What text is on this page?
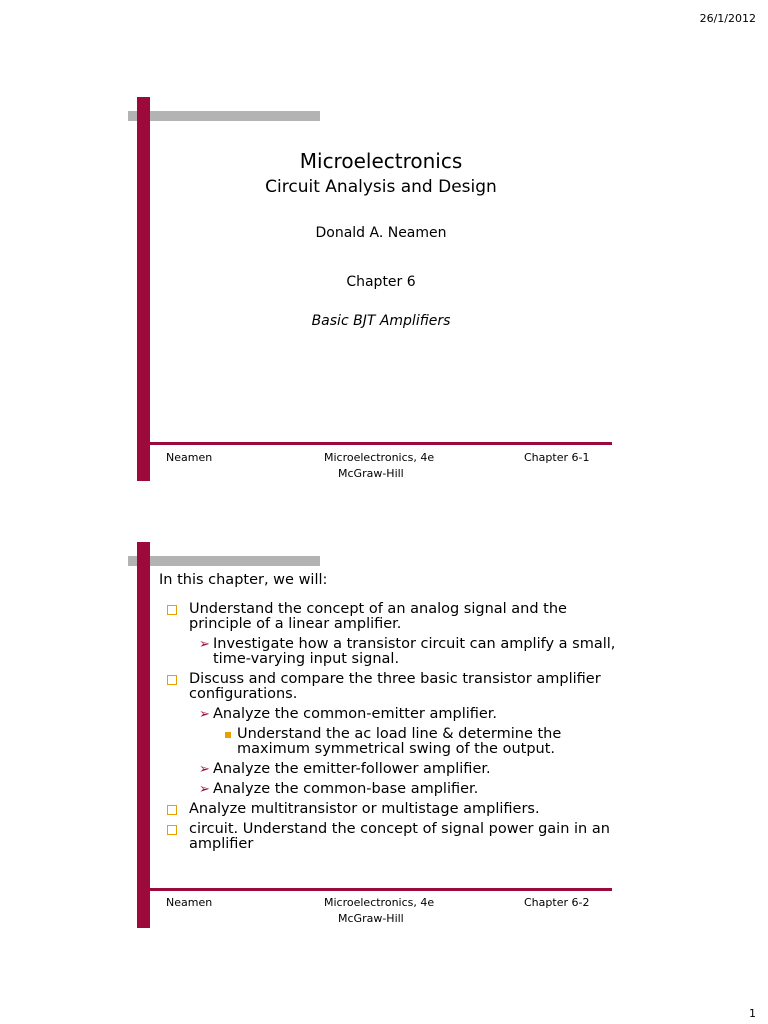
26/1/2012
Microelectronics
Circuit Analysis and Design
Donald A. Neamen
Chapter 6
Basic BJT Amplifiers
Neamen	Microelectronics, 4e
McGraw-Hill
Chapter 6-1
In this chapter, we will:
Understand the concept of an analog signal and the principle of a linear amplifier.
➢ Investigate how a transistor circuit can amplify a small, time-varying input signal.
Discuss and compare the three basic transistor amplifier configurations.
➢ Analyze the common-emitter amplifier.
Understand the ac load line & determine the maximum symmetrical swing of the output.
➢ Analyze the emitter-follower amplifier.
➢ Analyze the common-base amplifier.
Analyze multitransistor or multistage amplifiers.
circuit. Understand the concept of signal power gain in an amplifier
Neamen	Microelectronics, 4e
McGraw-Hill
Chapter 6-2
1
